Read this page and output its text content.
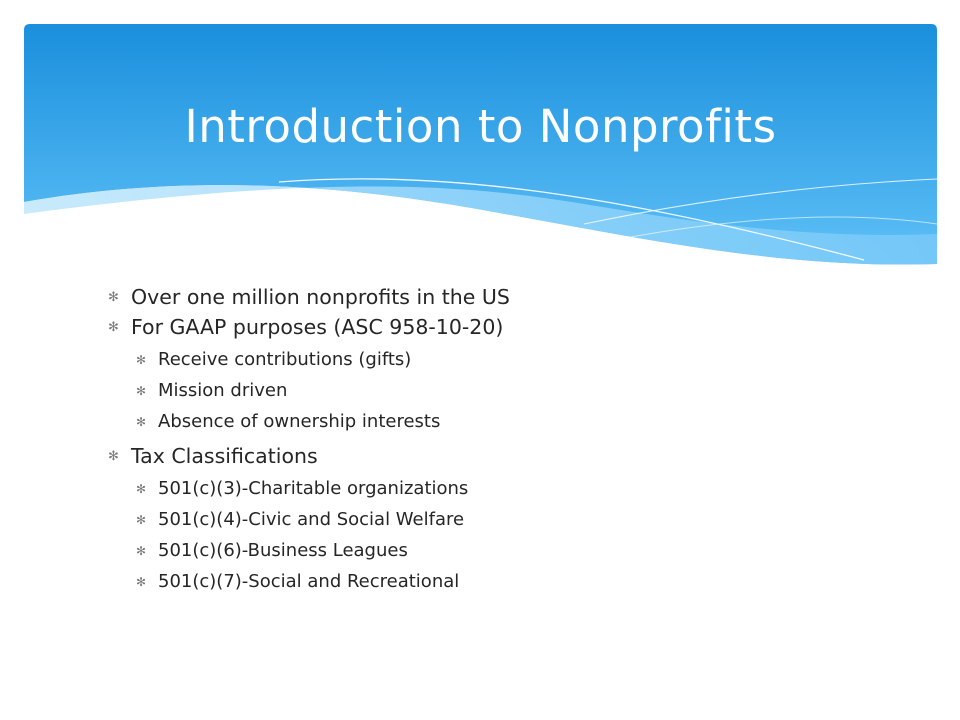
Introduction to Nonprofits
✻ Over one million nonprofits in the US
✻ For GAAP purposes (ASC 958-10-20)
✻ Receive contributions (gifts)
✻ Mission driven
✻ Absence of ownership interests
✻ Tax Classifications
✻ 501(c)(3)-Charitable organizations
✻ 501(c)(4)-Civic and Social Welfare
✻ 501(c)(6)-Business Leagues
✻ 501(c)(7)-Social and Recreational
